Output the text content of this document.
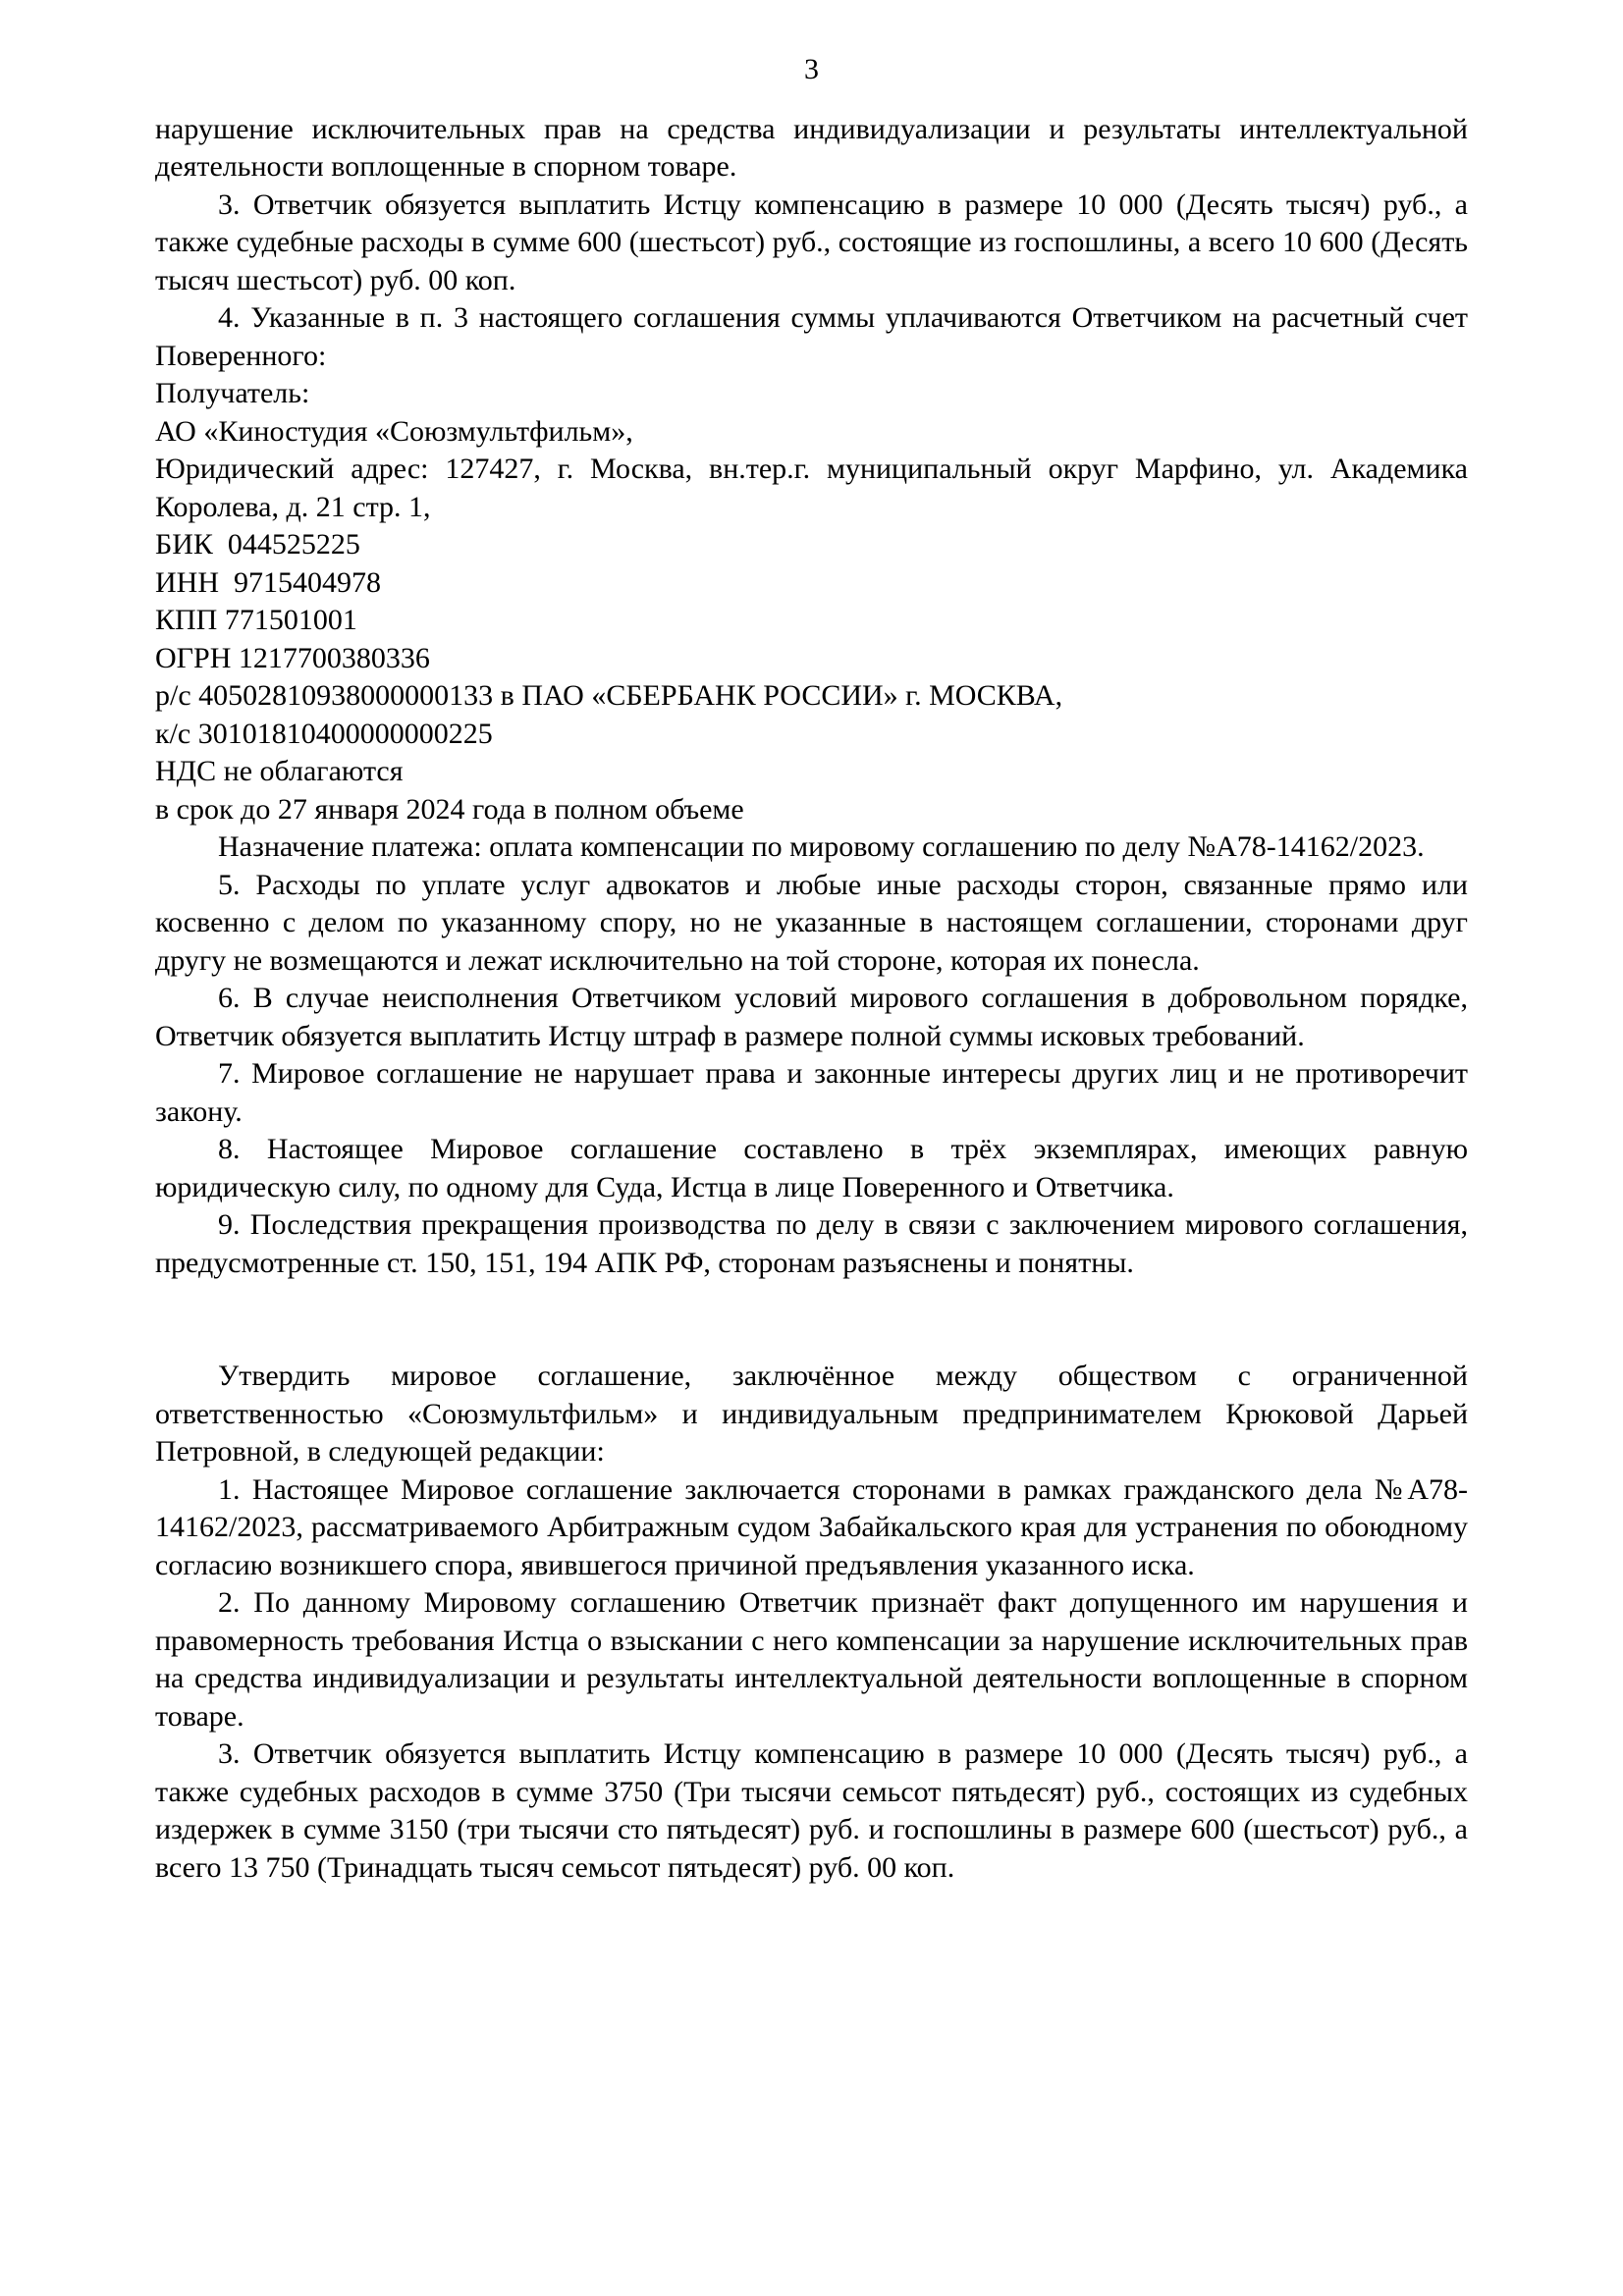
3

нарушение исключительных прав на средства индивидуализации и результаты интеллектуальной деятельности воплощенные в спорном товаре.

3. Ответчик обязуется выплатить Истцу компенсацию в размере 10 000 (Десять тысяч) руб., а также судебные расходы в сумме 600 (шестьсот) руб., состоящие из госпошлины, а всего 10 600 (Десять тысяч шестьсот) руб. 00 коп.

4. Указанные в п. 3 настоящего соглашения суммы уплачиваются Ответчиком на расчетный счет Поверенного:

Получатель:

АО «Киностудия «Союзмультфильм»,

Юридический адрес: 127427, г. Москва, вн.тер.г. муниципальный округ Марфино, ул. Академика Королева, д. 21 стр. 1,

БИК  044525225

ИНН  9715404978

КПП 771501001

ОГРН 1217700380336

р/с 40502810938000000133 в ПАО «СБЕРБАНК РОССИИ» г. МОСКВА,

к/с 30101810400000000225

НДС не облагаются

в срок до 27 января 2024 года в полном объеме

Назначение платежа: оплата компенсации по мировому соглашению по делу №А78-14162/2023.

5. Расходы по уплате услуг адвокатов и любые иные расходы сторон, связанные прямо или косвенно с делом по указанному спору, но не указанные в настоящем соглашении, сторонами друг другу не возмещаются и лежат исключительно на той стороне, которая их понесла.

6. В случае неисполнения Ответчиком условий мирового соглашения в добровольном порядке, Ответчик обязуется выплатить Истцу штраф в размере полной суммы исковых требований.

7. Мировое соглашение не нарушает права и законные интересы других лиц и не противоречит закону.

8. Настоящее Мировое соглашение составлено в трёх экземплярах, имеющих равную юридическую силу, по одному для Суда, Истца в лице Поверенного и Ответчика.

9. Последствия прекращения производства по делу в связи с заключением мирового соглашения, предусмотренные ст. 150, 151, 194 АПК РФ, сторонам разъяснены и понятны.

Утвердить мировое соглашение, заключённое между обществом с ограниченной ответственностью «Союзмультфильм» и индивидуальным предпринимателем Крюковой Дарьей Петровной, в следующей редакции:

1. Настоящее Мировое соглашение заключается сторонами в рамках гражданского дела №А78-14162/2023, рассматриваемого Арбитражным судом Забайкальского края для устранения по обоюдному согласию возникшего спора, явившегося причиной предъявления указанного иска.

2. По данному Мировому соглашению Ответчик признаёт факт допущенного им нарушения и правомерность требования Истца о взыскании с него компенсации за нарушение исключительных прав на средства индивидуализации и результаты интеллектуальной деятельности воплощенные в спорном товаре.

3. Ответчик обязуется выплатить Истцу компенсацию в размере 10 000 (Десять тысяч) руб., а также судебных расходов в сумме 3750 (Три тысячи семьсот пятьдесят) руб., состоящих из судебных издержек в сумме 3150 (три тысячи сто пятьдесят) руб. и госпошлины в размере 600 (шестьсот) руб., а всего 13 750 (Тринадцать тысяч семьсот пятьдесят) руб. 00 коп.
